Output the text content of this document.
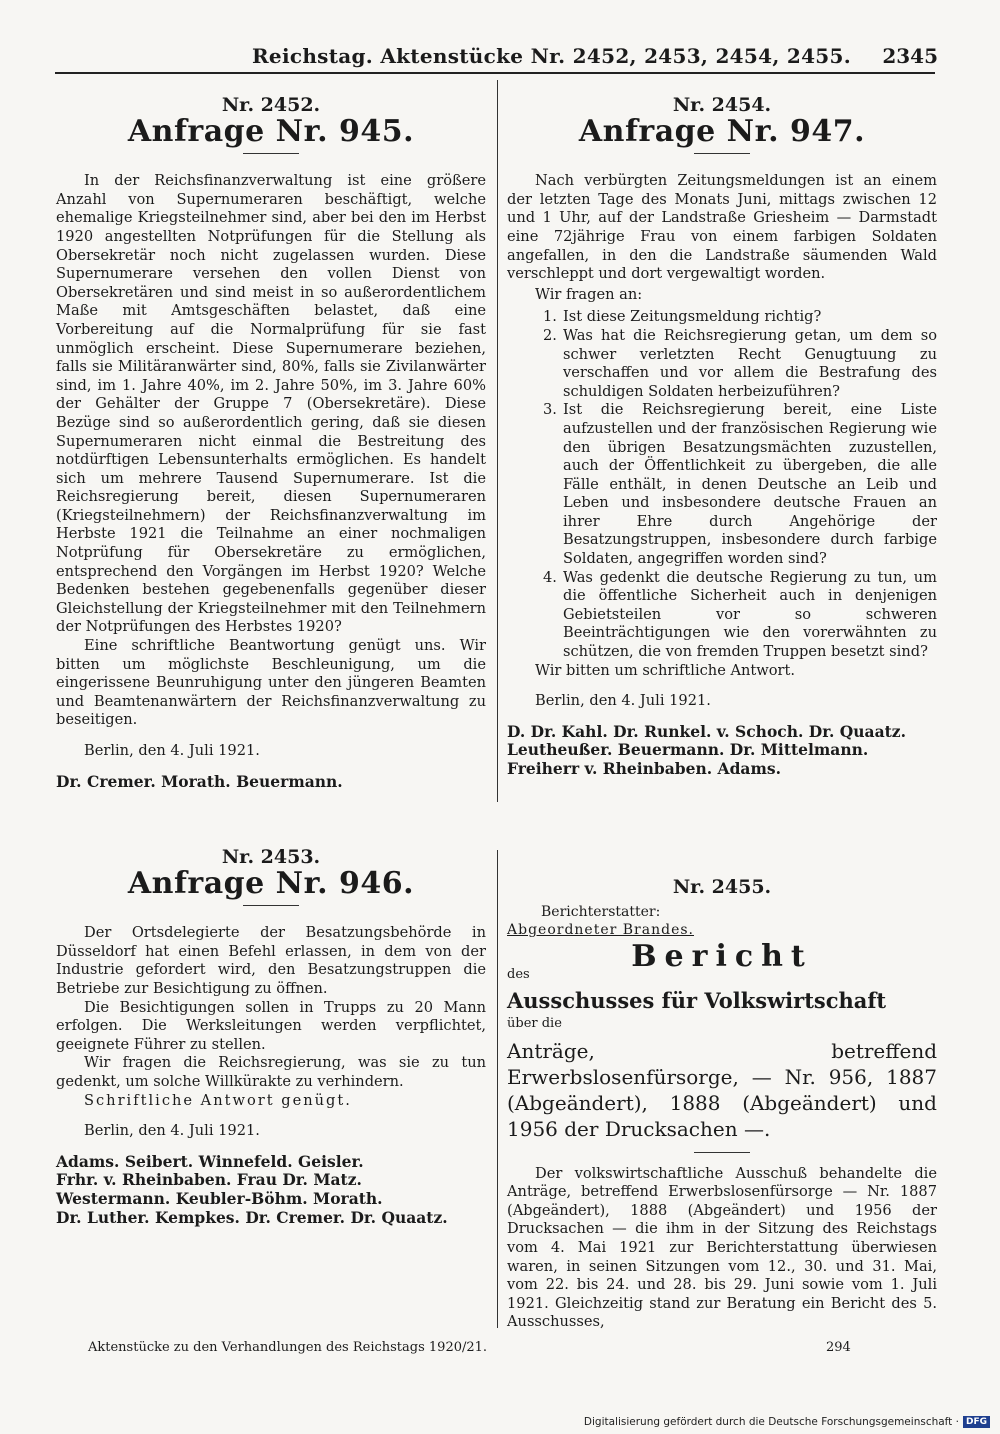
Reichstag. Aktenstücke Nr. 2452, 2453, 2454, 2455. 2345
Nr. 2452.
Anfrage Nr. 945.

In der Reichsfinanzverwaltung ist eine größere Anzahl von Supernumeraren beschäftigt, welche ehemalige Kriegsteilnehmer sind, aber bei den im Herbst 1920 angestellten Notprüfungen für die Stellung als Obersekretär noch nicht zugelassen wurden. Diese Supernumerare versehen den vollen Dienst von Obersekretären und sind meist in so außerordentlichem Maße mit Amtsgeschäften belastet, daß eine Vorbereitung auf die Normalprüfung für sie fast unmöglich erscheint. Diese Supernumerare beziehen, falls sie Militäranwärter sind, 80%, falls sie Zivilanwärter sind, im 1. Jahre 40%, im 2. Jahre 50%, im 3. Jahre 60% der Gehälter der Gruppe 7 (Obersekretäre). Diese Bezüge sind so außerordentlich gering, daß sie diesen Supernumeraren nicht einmal die Bestreitung des notdürftigen Lebensunterhalts ermöglichen. Es handelt sich um mehrere Tausend Supernumerare. Ist die Reichsregierung bereit, diesen Supernumeraren (Kriegsteilnehmern) der Reichsfinanzverwaltung im Herbste 1921 die Teilnahme an einer nochmaligen Notprüfung für Obersekretäre zu ermöglichen, entsprechend den Vorgängen im Herbst 1920? Welche Bedenken bestehen gegebenenfalls gegenüber dieser Gleichstellung der Kriegsteilnehmer mit den Teilnehmern der Notprüfungen des Herbstes 1920?

Eine schriftliche Beantwortung genügt uns. Wir bitten um möglichste Beschleunigung, um die eingerissene Beunruhigung unter den jüngeren Beamten und Beamtenanwärtern der Reichsfinanzverwaltung zu beseitigen.

Berlin, den 4. Juli 1921.

Dr. Cremer. Morath. Beuermann.

Nr. 2453.
Anfrage Nr. 946.

Der Ortsdelegierte der Besatzungsbehörde in Düsseldorf hat einen Befehl erlassen, in dem von der Industrie gefordert wird, den Besatzungstruppen die Betriebe zur Besichtigung zu öffnen.

Die Besichtigungen sollen in Trupps zu 20 Mann erfolgen. Die Werksleitungen werden verpflichtet, geeignete Führer zu stellen.

Wir fragen die Reichsregierung, was sie zu tun gedenkt, um solche Willkürakte zu verhindern.

Schriftliche Antwort genügt.

Berlin, den 4. Juli 1921.

Adams. Seibert. Winnefeld. Geisler.

Frhr. v. Rheinbaben. Frau Dr. Matz.

Westermann. Keubler-Böhm. Morath.

Dr. Luther. Kempkes. Dr. Cremer. Dr. Quaatz.

Nr. 2454.
Anfrage Nr. 947.

Nach verbürgten Zeitungsmeldungen ist an einem der letzten Tage des Monats Juni, mittags zwischen 12 und 1 Uhr, auf der Landstraße Griesheim — Darmstadt eine 72jährige Frau von einem farbigen Soldaten angefallen, in den die Landstraße säumenden Wald verschleppt und dort vergewaltigt worden.

Wir fragen an:

1. Ist diese Zeitungsmeldung richtig?
2. Was hat die Reichsregierung getan, um dem so schwer verletzten Recht Genugtuung zu verschaffen und vor allem die Bestrafung des schuldigen Soldaten herbeizuführen?
3. Ist die Reichsregierung bereit, eine Liste aufzustellen und der französischen Regierung wie den übrigen Besatzungsmächten zuzustellen, auch der Öffentlichkeit zu übergeben, die alle Fälle enthält, in denen Deutsche an Leib und Leben und insbesondere deutsche Frauen an ihrer Ehre durch Angehörige der Besatzungstruppen, insbesondere durch farbige Soldaten, angegriffen worden sind?
4. Was gedenkt die deutsche Regierung zu tun, um die öffentliche Sicherheit auch in denjenigen Gebietsteilen vor so schweren Beeinträchtigungen wie den vorerwähnten zu schützen, die von fremden Truppen besetzt sind?

Wir bitten um schriftliche Antwort.

Berlin, den 4. Juli 1921.

D. Dr. Kahl. Dr. Runkel. v. Schoch. Dr. Quaatz.

Leutheußer. Beuermann. Dr. Mittelmann.

Freiherr v. Rheinbaben. Adams.

Nr. 2455.

Berichterstatter:

Abgeordneter Brandes.

Bericht

des

Ausschusses für Volkswirtschaft

über die

Anträge, betreffend Erwerbslosenfürsorge, — Nr. 956, 1887 (Abgeändert), 1888 (Abgeändert) und 1956 der Drucksachen —.

Der volkswirtschaftliche Ausschuß behandelte die Anträge, betreffend Erwerbslosenfürsorge — Nr. 1887 (Abgeändert), 1888 (Abgeändert) und 1956 der Drucksachen — die ihm in der Sitzung des Reichstags vom 4. Mai 1921 zur Berichterstattung überwiesen waren, in seinen Sitzungen vom 12., 30. und 31. Mai, vom 22. bis 24. und 28. bis 29. Juni sowie vom 1. Juli 1921. Gleichzeitig stand zur Beratung ein Bericht des 5. Ausschusses,

Aktenstücke zu den Verhandlungen des Reichstags 1920/21.	294
Digitalisierung gefördert durch die Deutsche Forschungsgemeinschaft · DFG
